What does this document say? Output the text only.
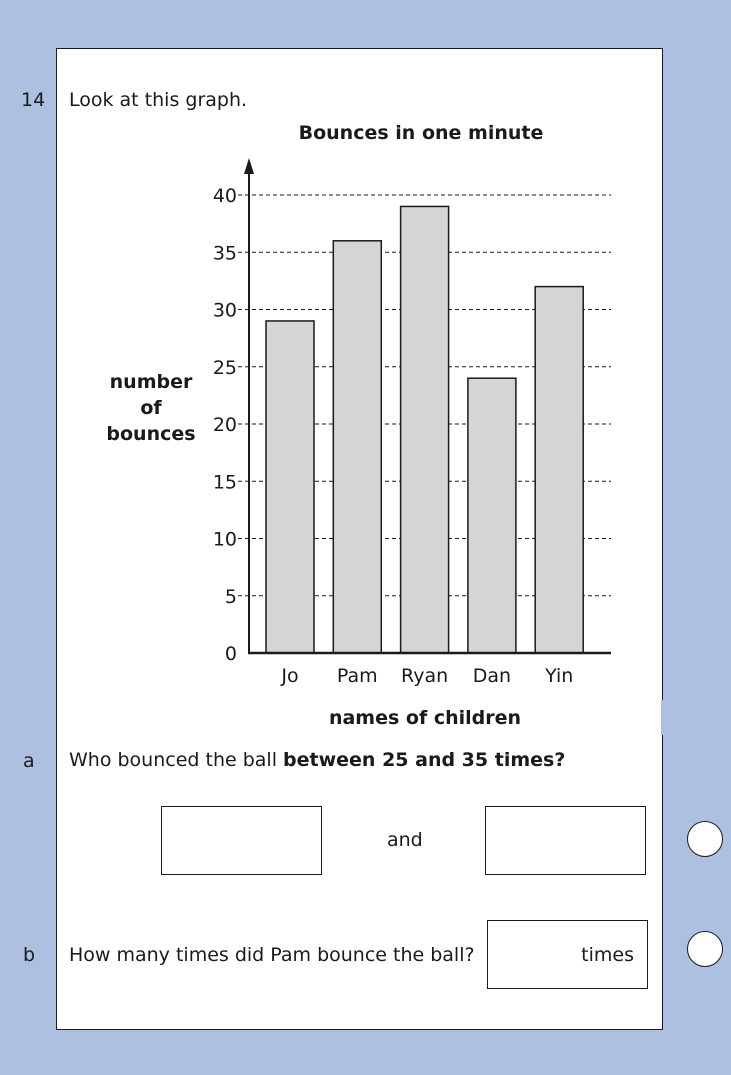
14 Look at this graph.
Bounces in one minute
0
5
10
15
20
25
30
35
40
Jo Pam Ryan Dan Yin
number
of
bounces
names of children
a Who bounced the ball between 25 and 35 times?
and
b How many times did Pam bounce the ball?	times
